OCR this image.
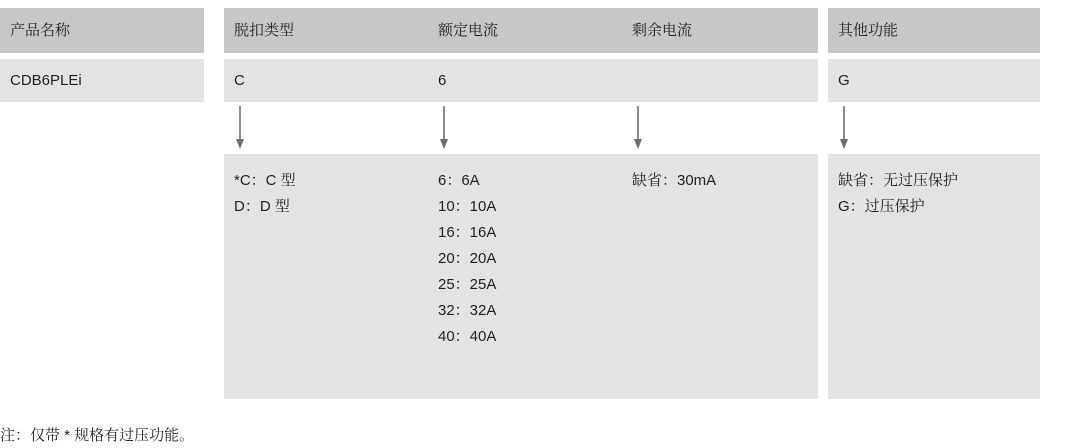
产品名称
CDB6PLEi
脱扣类型
C
*C：C 型
D：D 型
额定电流
6
6：6A
10：10A
16：16A
20：20A
25：25A
32：32A
40：40A
剩余电流
缺省：30mA
其他功能
G
缺省：无过压保护
G：过压保护
注：仅带 * 规格有过压功能。
